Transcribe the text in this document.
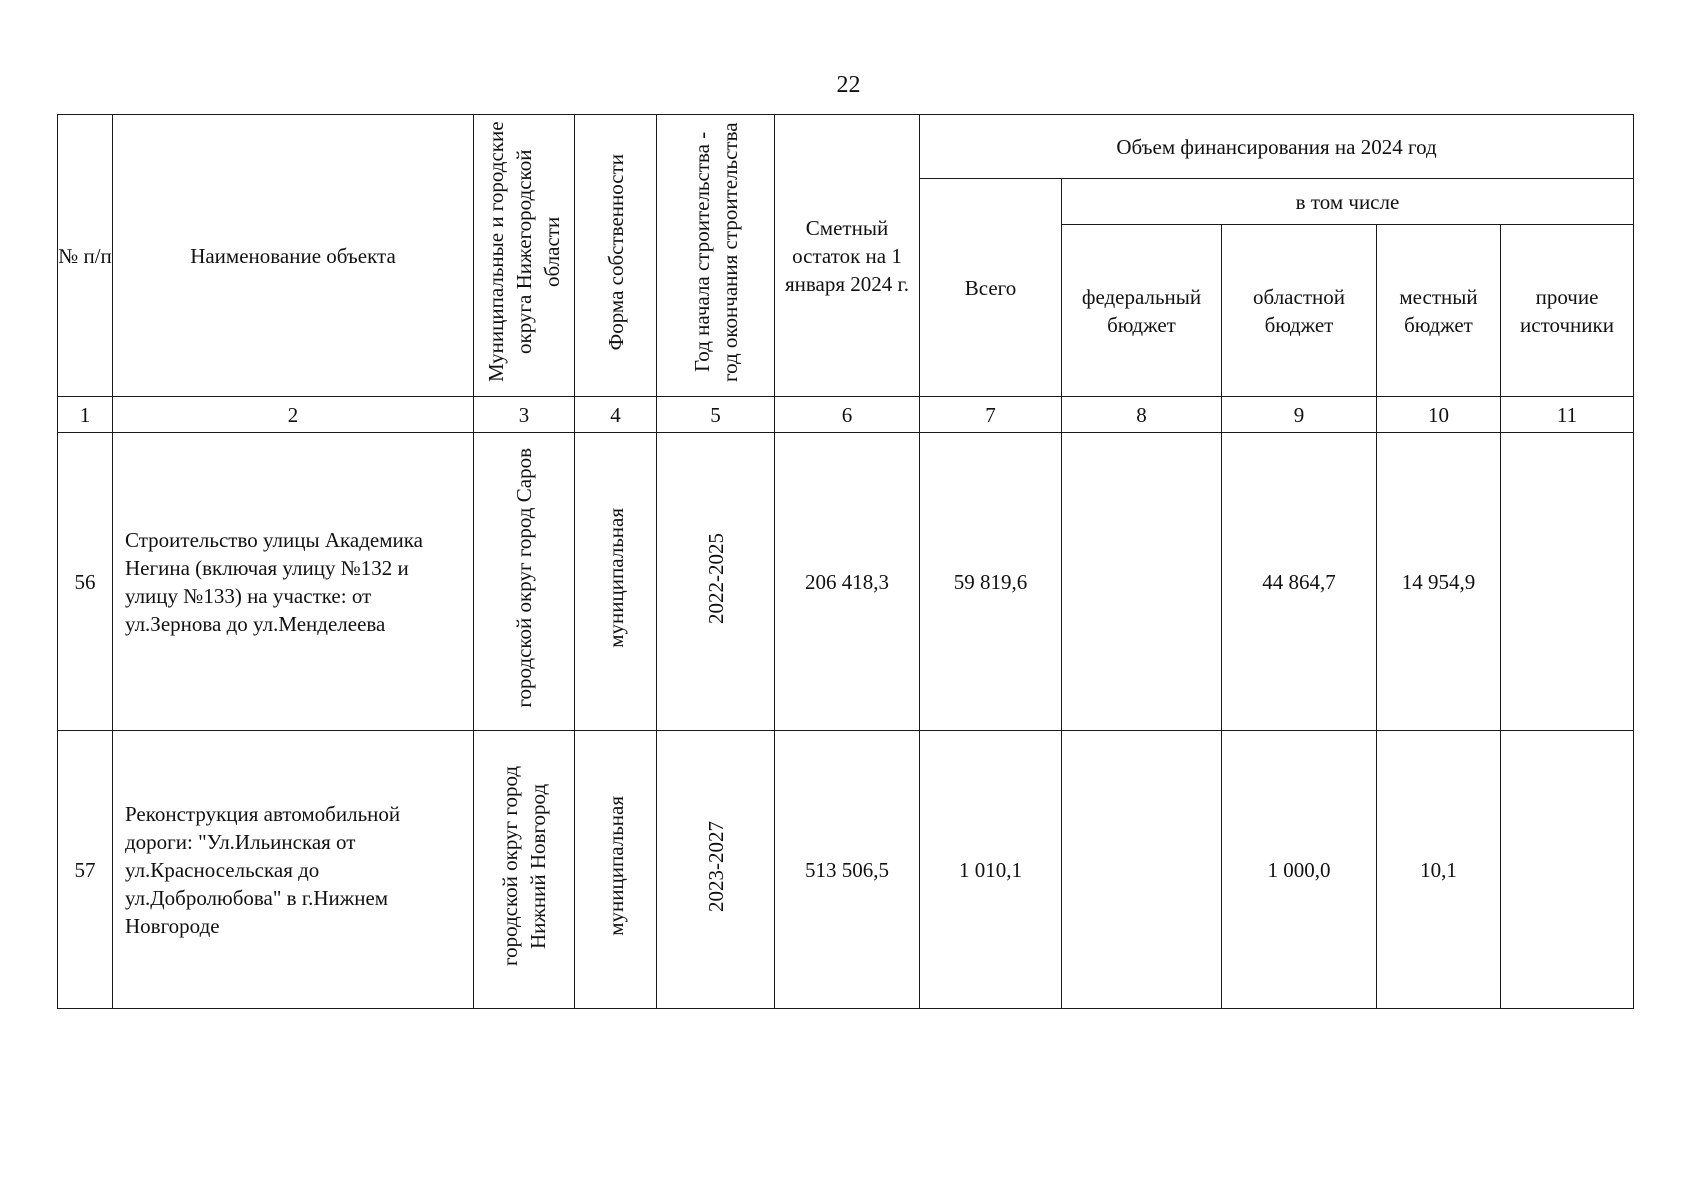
22
№ п/п	Наименование объекта	Муниципальные и городские округа Нижегородской области	Форма собственности	Год начала строительства - год окончания строительства	Сметный остаток на 1 января 2024 г.	Объем финансирования на 2024 год				
						Всего	в том числе			
							федеральный бюджет	областной бюджет	местный бюджет	прочие источники
1	2	3	4	5	6	7	8	9	10	11
56	Строительство улицы Академика Негина (включая улицу №132 и улицу №133) на участке: от ул.Зернова до ул.Менделеева	городской округ город Саров	муниципальная	2022-2025	206 418,3	59 819,6		44 864,7	14 954,9	
57	Реконструкция автомобильной дороги: "Ул.Ильинская от ул.Красносельская до ул.Добролюбова" в г.Нижнем Новгороде	городской округ город Нижний Новгород	муниципальная	2023-2027	513 506,5	1 010,1		1 000,0	10,1	
